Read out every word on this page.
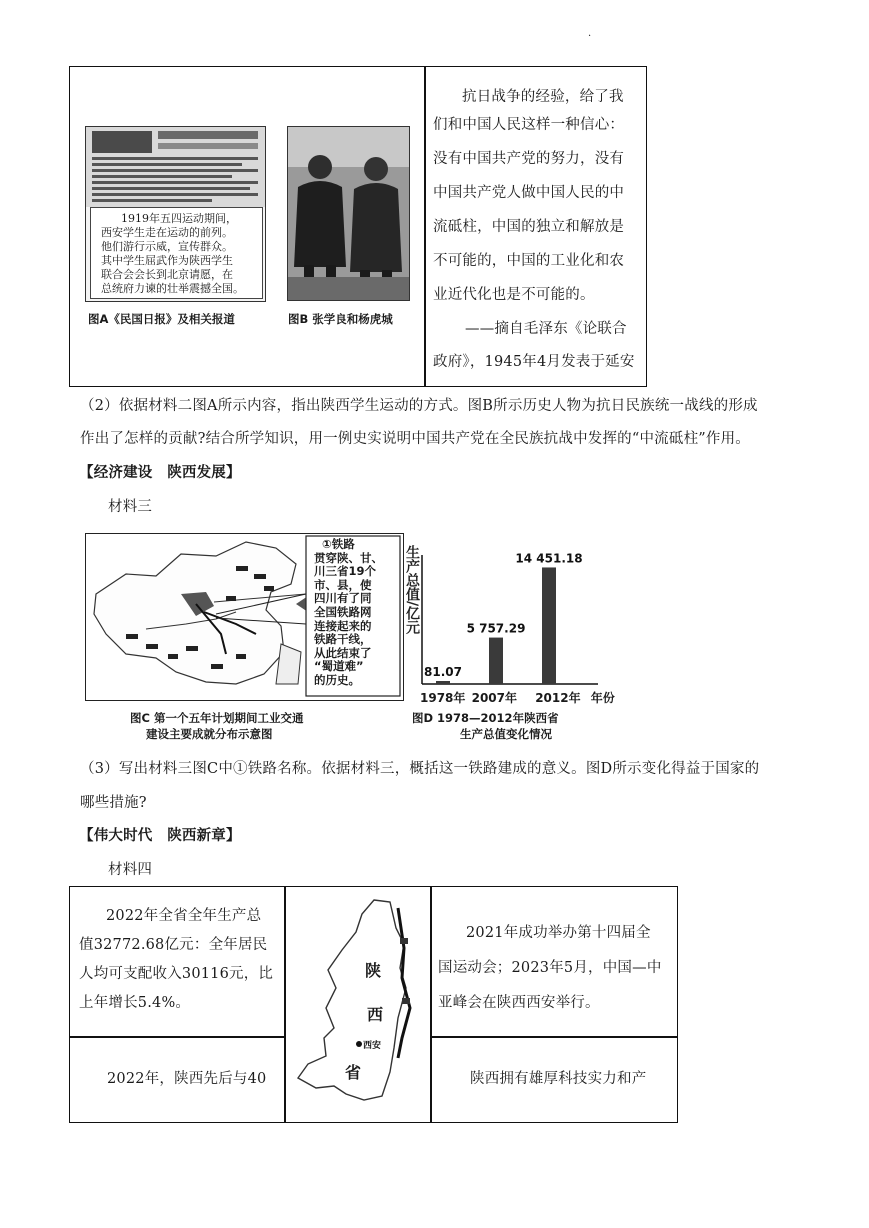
.
1919年五四运动期间，
西安学生走在运动的前列。
他们游行示威，宣传群众。
其中学生屈武作为陕西学生
联合会会长到北京请愿，在
总统府力谏的壮举震撼全国。
图A《民国日报》及相关报道	图B 张学良和杨虎城
抗日战争的经验，给了我
们和中国人民这样一种信心：
没有中国共产党的努力，没有
中国共产党人做中国人民的中
流砥柱，中国的独立和解放是
不可能的，中国的工业化和农
业近代化也是不可能的。
——摘自毛泽东《论联合
政府》，1945年4月发表于延安
（2）依据材料二图A所示内容，指出陕西学生运动的方式。图B所示历史人物为抗日民族统一战线的形成
作出了怎样的贡献?结合所学知识，用一例史实说明中国共产党在全民族抗战中发挥的“中流砥柱”作用。
【经济建设　陕西发展】
材料三
①铁路
贯穿陕、甘、
川三省19个
市、县，使
四川有了同
全国铁路网
连接起来的
铁路干线，
从此结束了
“蜀道难”
的历史。
图C 第一个五年计划期间工业交通
建设主要成就分布示意图
生产总值/亿元
81.07
5 757.29
14 451.18
1978年 2007年 2012年 年份
图D 1978—2012年陕西省
生产总值变化情况
（3）写出材料三图C中①铁路名称。依据材料三，概括这一铁路建成的意义。图D所示变化得益于国家的
哪些措施?
【伟大时代　陕西新章】
材料四
2022年全省全年生产总
值32772.68亿元：全年居民
人均可支配收入30116元，比
上年增长5.4%。
2021年成功举办第十四届全
国运动会；2023年5月，中国—中
亚峰会在陕西西安举行。
2022年，陕西先后与40	陕西拥有雄厚科技实力和产
陕
西
省
西安
